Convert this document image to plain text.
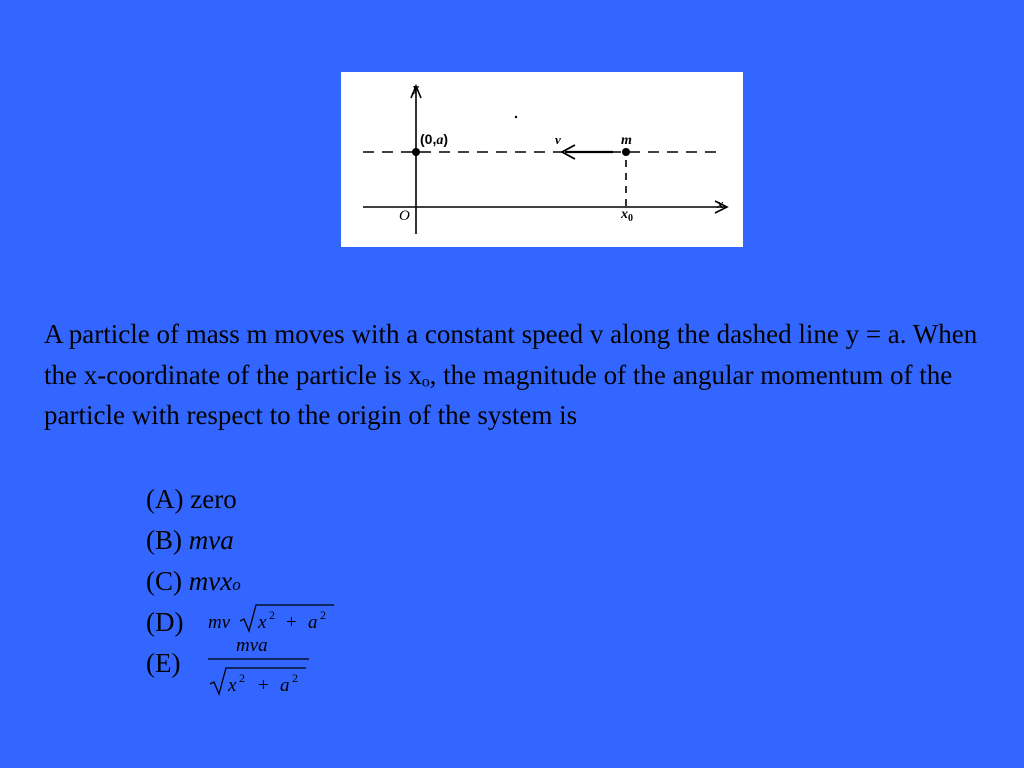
y
x
(0,a)	v	m
O	$x_0$
A particle of mass m moves with a constant speed v along the dashed line y = a. When the x-coordinate of the particle is xₒ, the magnitude of the angular momentum of the particle with respect to the origin of the system is
(A) zero
(B) mva
(C) mvxo
(D) mv x 2 + a 2
(E)
mva
x 2 + a 2
